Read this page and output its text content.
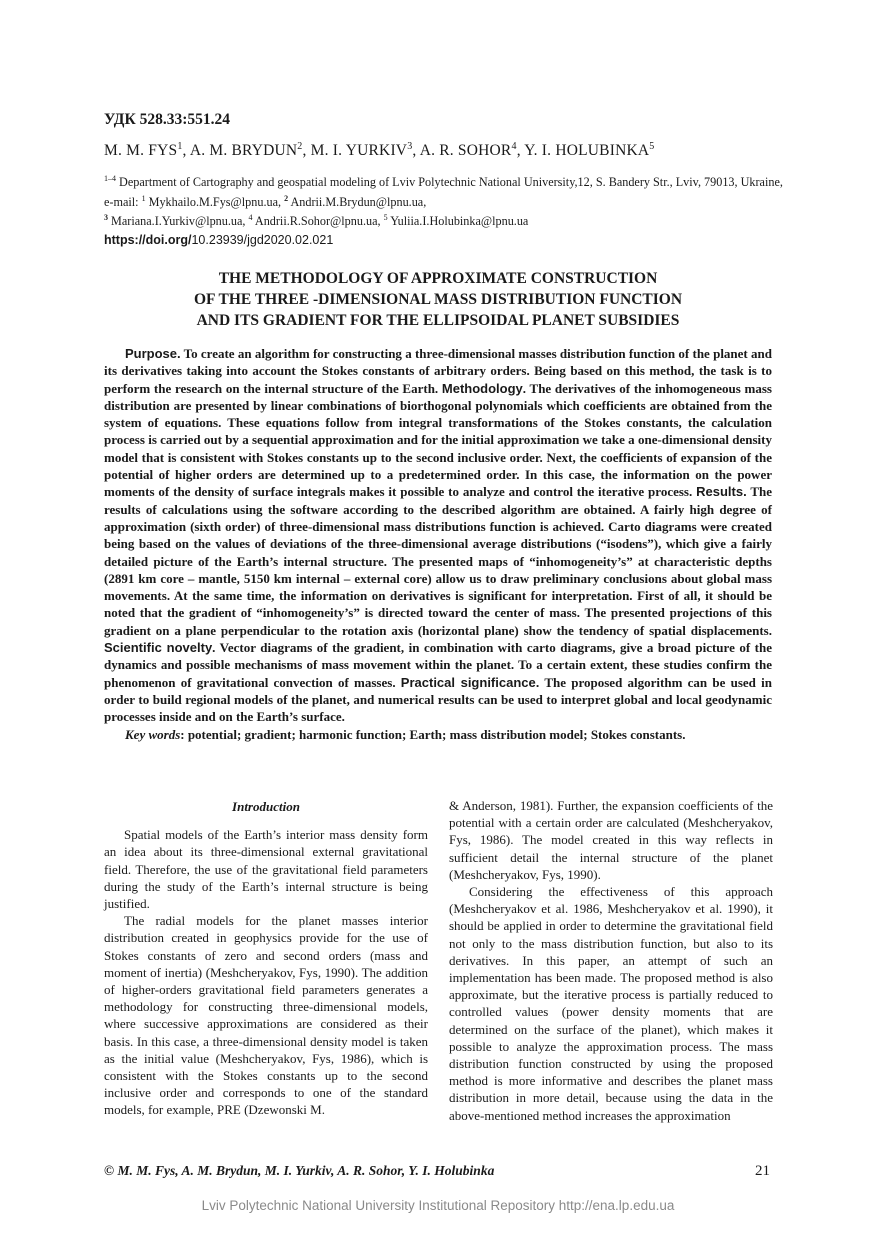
УДК 528.33:551.24
M. M. FYS$^1$, A. M. BRYDUN$^2$, M. I. YURKIV$^3$, A. R. SOHOR$^4$, Y. I. HOLUBINKA$^5$
$^{1-4}$ Department of Cartography and geospatial modeling of Lviv Polytechnic National University,12, S. Bandery Str., Lviv, 79013, Ukraine, e-mail: $^1$ Mykhailo.M.Fys@lpnu.ua, $^2$ Andrii.M.Brydun@lpnu.ua,
$^3$ Mariana.I.Yurkiv@lpnu.ua, $^4$ Andrii.R.Sohor@lpnu.ua, $^5$ Yuliia.I.Holubinka@lpnu.ua
https://doi.org/10.23939/jgd2020.02.021
THE METHODOLOGY OF APPROXIMATE CONSTRUCTION
OF THE THREE -DIMENSIONAL MASS DISTRIBUTION FUNCTION
AND ITS GRADIENT FOR THE ELLIPSOIDAL PLANET SUBSIDIES

Purpose. To create an algorithm for constructing a three-dimensional masses distribution function of the planet and its derivatives taking into account the Stokes constants of arbitrary orders. Being based on this method, the task is to perform the research on the internal structure of the Earth. Methodology. The derivatives of the inhomogeneous mass distribution are presented by linear combinations of biorthogonal polynomials which coefficients are obtained from the system of equations. These equations follow from integral transformations of the Stokes constants, the calculation process is carried out by a sequential approximation and for the initial approximation we take a one-dimensional density model that is consistent with Stokes constants up to the second inclusive order. Next, the coefficients of expansion of the potential of higher orders are determined up to a predetermined order. In this case, the information on the power moments of the density of surface integrals makes it possible to analyze and control the iterative process. Results. The results of calculations using the software according to the described algorithm are obtained. A fairly high degree of approximation (sixth order) of three-dimensional mass distributions function is achieved. Carto diagrams were created being based on the values of deviations of the three-dimensional average distributions (“isodens”), which give a fairly detailed picture of the Earth’s internal structure. The presented maps of “inhomogeneity’s” at characteristic depths (2891 km core – mantle, 5150 km internal – external core) allow us to draw preliminary conclusions about global mass movements. At the same time, the information on derivatives is significant for interpretation. First of all, it should be noted that the gradient of “inhomogeneity’s” is directed toward the center of mass. The presented projections of this gradient on a plane perpendicular to the rotation axis (horizontal plane) show the tendency of spatial displacements. Scientific novelty. Vector diagrams of the gradient, in combination with carto diagrams, give a broad picture of the dynamics and possible mechanisms of mass movement within the planet. To a certain extent, these studies confirm the phenomenon of gravitational convection of masses. Practical significance. The proposed algorithm can be used in order to build regional models of the planet, and numerical results can be used to interpret global and local geodynamic processes inside and on the Earth’s surface.

Key words: potential; gradient; harmonic function; Earth; mass distribution model; Stokes constants.

Introduction

Spatial models of the Earth’s interior mass density form an idea about its three-dimensional external gravitational field. Therefore, the use of the gravitational field parameters during the study of the Earth’s internal structure is being justified.

The radial models for the planet masses interior distribution created in geophysics provide for the use of Stokes constants of zero and second orders (mass and moment of inertia) (Meshcheryakov, Fys, 1990). The addition of higher-orders gravitational field parameters generates a methodology for constructing three-dimensional models, where successive approximations are considered as their basis. In this case, a three-dimensional density model is taken as the initial value (Meshcheryakov, Fys, 1986), which is consistent with the Stokes constants up to the second inclusive order and corresponds to one of the standard models, for example, PRE (Dzewonski M.

& Anderson, 1981). Further, the expansion coefficients of the potential with a certain order are calculated (Meshcheryakov, Fys, 1986). The model created in this way reflects in sufficient detail the internal structure of the planet (Meshcheryakov, Fys, 1990).

Considering the effectiveness of this approach (Meshcheryakov et al. 1986, Meshcheryakov et al. 1990), it should be applied in order to determine the gravitational field not only to the mass distribution function, but also to its derivatives. In this paper, an attempt of such an implementation has been made. The proposed method is also approximate, but the iterative process is partially reduced to controlled values (power density moments that are determined on the surface of the planet), which makes it possible to analyze the approximation process. The mass distribution function constructed by using the proposed method is more informative and describes the planet mass distribution in more detail, because using the data in the above-mentioned method increases the approximation

© M. M. Fys, A. M. Brydun, M. I. Yurkiv, A. R. Sohor, Y. I. Holubinka	21
Lviv Polytechnic National University Institutional Repository http://ena.lp.edu.ua
